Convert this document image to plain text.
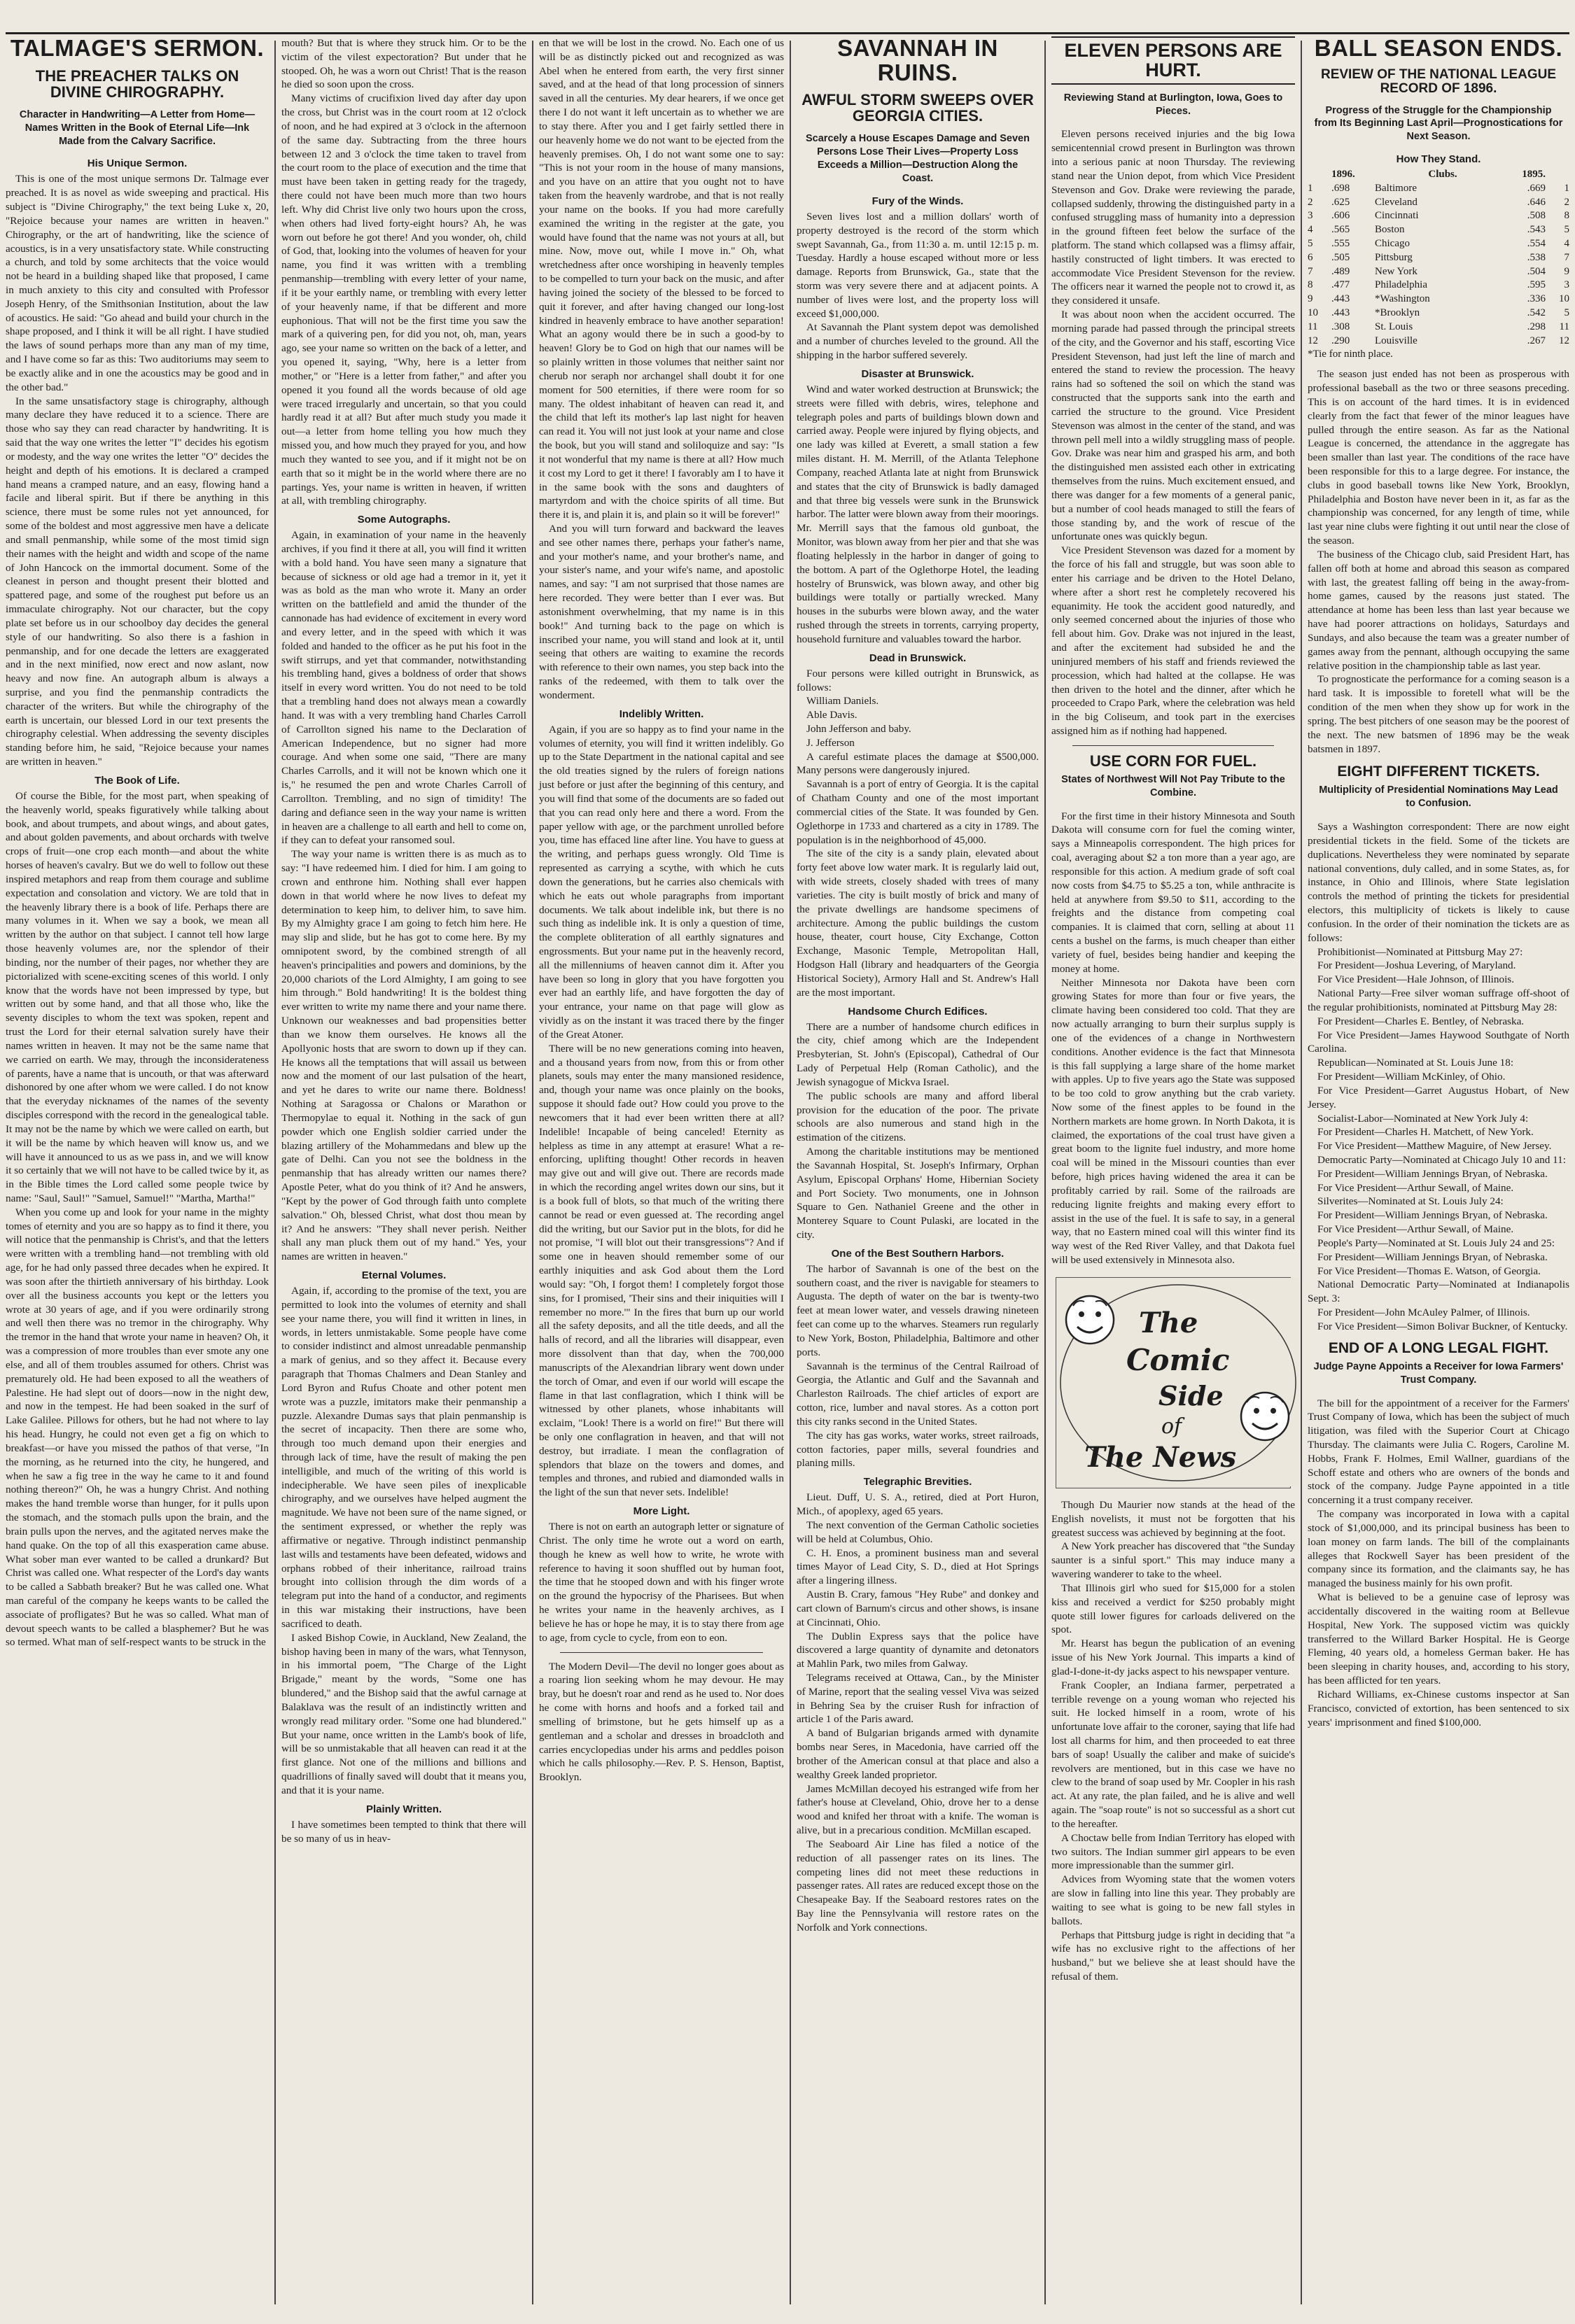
TALMAGE'S SERMON.
THE PREACHER TALKS ON DIVINE CHIROGRAPHY.
Character in Handwriting—A Letter from Home—Names Written in the Book of Eternal Life—Ink Made from the Calvary Sacrifice.
His Unique Sermon.

This is one of the most unique sermons Dr. Talmage ever preached. It is as novel as wide sweeping and practical. His subject is "Divine Chirography," the text being Luke x, 20, "Rejoice because your names are written in heaven." Chirography, or the art of handwriting, like the science of acoustics, is in a very unsatisfactory state. While constructing a church, and told by some architects that the voice would not be heard in a building shaped like that proposed, I came in much anxiety to this city and consulted with Professor Joseph Henry, of the Smithsonian Institution, about the law of acoustics. He said: "Go ahead and build your church in the shape proposed, and I think it will be all right. I have studied the laws of sound perhaps more than any man of my time, and I have come so far as this: Two auditoriums may seem to be exactly alike and in one the acoustics may be good and in the other bad."

In the same unsatisfactory stage is chirography, although many declare they have reduced it to a science. There are those who say they can read character by handwriting. It is said that the way one writes the letter "I" decides his egotism or modesty, and the way one writes the letter "O" decides the height and depth of his emotions. It is declared a cramped hand means a cramped nature, and an easy, flowing hand a facile and liberal spirit. But if there be anything in this science, there must be some rules not yet announced, for some of the boldest and most aggressive men have a delicate and small penmanship, while some of the most timid sign their names with the height and width and scope of the name of John Hancock on the immortal document. Some of the cleanest in person and thought present their blotted and spattered page, and some of the roughest put before us an immaculate chirography. Not our character, but the copy plate set before us in our schoolboy day decides the general style of our handwriting. So also there is a fashion in penmanship, and for one decade the letters are exaggerated and in the next minified, now erect and now aslant, now heavy and now fine. An autograph album is always a surprise, and you find the penmanship contradicts the character of the writers. But while the chirography of the earth is uncertain, our blessed Lord in our text presents the chirography celestial. When addressing the seventy disciples standing before him, he said, "Rejoice because your names are written in heaven."

The Book of Life.

Of course the Bible, for the most part, when speaking of the heavenly world, speaks figuratively while talking about book, and about trumpets, and about wings, and about gates, and about golden pavements, and about orchards with twelve crops of fruit—one crop each month—and about the white horses of heaven's cavalry. But we do well to follow out these inspired metaphors and reap from them courage and sublime expectation and consolation and victory. We are told that in the heavenly library there is a book of life. Perhaps there are many volumes in it. When we say a book, we mean all written by the author on that subject. I cannot tell how large those heavenly volumes are, nor the splendor of their binding, nor the number of their pages, nor whether they are pictorialized with scene-exciting scenes of this world. I only know that the words have not been impressed by type, but written out by some hand, and that all those who, like the seventy disciples to whom the text was spoken, repent and trust the Lord for their eternal salvation surely have their names written in heaven. It may not be the same name that we carried on earth. We may, through the inconsiderateness of parents, have a name that is uncouth, or that was afterward dishonored by one after whom we were called. I do not know that the everyday nicknames of the names of the seventy disciples correspond with the record in the genealogical table. It may not be the name by which we were called on earth, but it will be the name by which heaven will know us, and we will have it announced to us as we pass in, and we will know it so certainly that we will not have to be called twice by it, as in the Bible times the Lord called some people twice by name: "Saul, Saul!" "Samuel, Samuel!" "Martha, Martha!"

When you come up and look for your name in the mighty tomes of eternity and you are so happy as to find it there, you will notice that the penmanship is Christ's, and that the letters were written with a trembling hand—not trembling with old age, for he had only passed three decades when he expired. It was soon after the thirtieth anniversary of his birthday. Look over all the business accounts you kept or the letters you wrote at 30 years of age, and if you were ordinarily strong and well then there was no tremor in the chirography. Why the tremor in the hand that wrote your name in heaven? Oh, it was a compression of more troubles than ever smote any one else, and all of them troubles assumed for others. Christ was prematurely old. He had been exposed to all the weathers of Palestine. He had slept out of doors—now in the night dew, and now in the tempest. He had been soaked in the surf of Lake Galilee. Pillows for others, but he had not where to lay his head. Hungry, he could not even get a fig on which to breakfast—or have you missed the pathos of that verse, "In the morning, as he returned into the city, he hungered, and when he saw a fig tree in the way he came to it and found nothing thereon?" Oh, he was a hungry Christ. And nothing makes the hand tremble worse than hunger, for it pulls upon the stomach, and the stomach pulls upon the brain, and the brain pulls upon the nerves, and the agitated nerves make the hand quake. On the top of all this exasperation came abuse. What sober man ever wanted to be called a drunkard? But Christ was called one. What respecter of the Lord's day wants to be called a Sabbath breaker? But he was called one. What man careful of the company he keeps wants to be called the associate of profligates? But he was so called. What man of devout speech wants to be called a blasphemer? But he was so termed. What man of self-respect wants to be struck in the

mouth? But that is where they struck him. Or to be the victim of the vilest expectoration? But under that he stooped. Oh, he was a worn out Christ! That is the reason he died so soon upon the cross.

Many victims of crucifixion lived day after day upon the cross, but Christ was in the court room at 12 o'clock of noon, and he had expired at 3 o'clock in the afternoon of the same day. Subtracting from the three hours between 12 and 3 o'clock the time taken to travel from the court room to the place of execution and the time that must have been taken in getting ready for the tragedy, there could not have been much more than two hours left. Why did Christ live only two hours upon the cross, when others had lived forty-eight hours? Ah, he was worn out before he got there! And you wonder, oh, child of God, that, looking into the volumes of heaven for your name, you find it was written with a trembling penmanship—trembling with every letter of your name, if it be your earthly name, or trembling with every letter of your heavenly name, if that be different and more euphonious. That will not be the first time you saw the mark of a quivering pen, for did you not, oh, man, years ago, see your name so written on the back of a letter, and you opened it, saying, "Why, here is a letter from mother," or "Here is a letter from father," and after you opened it you found all the words because of old age were traced irregularly and uncertain, so that you could hardly read it at all? But after much study you made it out—a letter from home telling you how much they missed you, and how much they prayed for you, and how much they wanted to see you, and if it might not be on earth that so it might be in the world where there are no partings. Yes, your name is written in heaven, if written at all, with trembling chirography.

Some Autographs.

Again, in examination of your name in the heavenly archives, if you find it there at all, you will find it written with a bold hand. You have seen many a signature that because of sickness or old age had a tremor in it, yet it was as bold as the man who wrote it. Many an order written on the battlefield and amid the thunder of the cannonade has had evidence of excitement in every word and every letter, and in the speed with which it was folded and handed to the officer as he put his foot in the swift stirrups, and yet that commander, notwithstanding his trembling hand, gives a boldness of order that shows itself in every word written. You do not need to be told that a trembling hand does not always mean a cowardly hand. It was with a very trembling hand Charles Carroll of Carrollton signed his name to the Declaration of American Independence, but no signer had more courage. And when some one said, "There are many Charles Carrolls, and it will not be known which one it is," he resumed the pen and wrote Charles Carroll of Carrollton. Trembling, and no sign of timidity! The daring and defiance seen in the way your name is written in heaven are a challenge to all earth and hell to come on, if they can to defeat your ransomed soul.

The way your name is written there is as much as to say: "I have redeemed him. I died for him. I am going to crown and enthrone him. Nothing shall ever happen down in that world where he now lives to defeat my determination to keep him, to deliver him, to save him. By my Almighty grace I am going to fetch him here. He may slip and slide, but he has got to come here. By my omnipotent sword, by the combined strength of all heaven's principalities and powers and dominions, by the 20,000 chariots of the Lord Almighty, I am going to see him through." Bold handwriting! It is the boldest thing ever written to write my name there and your name there. Unknown our weaknesses and bad propensities better than we know them ourselves. He knows all the Apollyonic hosts that are sworn to down up if they can. He knows all the temptations that will assail us between now and the moment of our last pulsation of the heart, and yet he dares to write our name there. Boldness! Nothing at Saragossa or Chalons or Marathon or Thermopylae to equal it. Nothing in the sack of gun powder which one English soldier carried under the blazing artillery of the Mohammedans and blew up the gate of Delhi. Can you not see the boldness in the penmanship that has already written our names there? Apostle Peter, what do you think of it? And he answers, "Kept by the power of God through faith unto complete salvation." Oh, blessed Christ, what dost thou mean by it? And he answers: "They shall never perish. Neither shall any man pluck them out of my hand." Yes, your names are written in heaven."

Eternal Volumes.

Again, if, according to the promise of the text, you are permitted to look into the volumes of eternity and shall see your name there, you will find it written in lines, in words, in letters unmistakable. Some people have come to consider indistinct and almost unreadable penmanship a mark of genius, and so they affect it. Because every paragraph that Thomas Chalmers and Dean Stanley and Lord Byron and Rufus Choate and other potent men wrote was a puzzle, imitators make their penmanship a puzzle. Alexandre Dumas says that plain penmanship is the secret of incapacity. Then there are some who, through too much demand upon their energies and through lack of time, have the result of making the pen intelligible, and much of the writing of this world is indecipherable. We have seen piles of inexplicable chirography, and we ourselves have helped augment the magnitude. We have not been sure of the name signed, or the sentiment expressed, or whether the reply was affirmative or negative. Through indistinct penmanship last wills and testaments have been defeated, widows and orphans robbed of their inheritance, railroad trains brought into collision through the dim words of a telegram put into the hand of a conductor, and regiments in this war mistaking their instructions, have been sacrificed to death.

I asked Bishop Cowie, in Auckland, New Zealand, the bishop having been in many of the wars, what Tennyson, in his immortal poem, "The Charge of the Light Brigade," meant by the words, "Some one has blundered," and the Bishop said that the awful carnage at Balaklava was the result of an indistinctly written and wrongly read military order. "Some one had blundered." But your name, once written in the Lamb's book of life, will be so unmistakable that all heaven can read it at the first glance. Not one of the millions and billions and quadrillions of finally saved will doubt that it means you, and that it is your name.

Plainly Written.

I have sometimes been tempted to think that there will be so many of us in heav-

en that we will be lost in the crowd. No. Each one of us will be as distinctly picked out and recognized as was Abel when he entered from earth, the very first sinner saved, and at the head of that long procession of sinners saved in all the centuries. My dear hearers, if we once get there I do not want it left uncertain as to whether we are to stay there. After you and I get fairly settled there in our heavenly home we do not want to be ejected from the heavenly premises. Oh, I do not want some one to say: "This is not your room in the house of many mansions, and you have on an attire that you ought not to have taken from the heavenly wardrobe, and that is not really your name on the books. If you had more carefully examined the writing in the register at the gate, you would have found that the name was not yours at all, but mine. Now, move out, while I move in." Oh, what wretchedness after once worshiping in heavenly temples to be compelled to turn your back on the music, and after having joined the society of the blessed to be forced to quit it forever, and after having changed our long-lost kindred in heavenly embrace to have another separation! What an agony would there be in such a good-by to heaven! Glory be to God on high that our names will be so plainly written in those volumes that neither saint nor cherub nor seraph nor archangel shall doubt it for one moment for 500 eternities, if there were room for so many. The oldest inhabitant of heaven can read it, and the child that left its mother's lap last night for heaven can read it. You will not just look at your name and close the book, but you will stand and soliloquize and say: "Is it not wonderful that my name is there at all? How much it cost my Lord to get it there! I favorably am I to have it in the same book with the sons and daughters of martyrdom and with the choice spirits of all time. But there it is, and plain it is, and plain so it will be forever!"

And you will turn forward and backward the leaves and see other names there, perhaps your father's name, and your mother's name, and your brother's name, and your sister's name, and your wife's name, and apostolic names, and say: "I am not surprised that those names are here recorded. They were better than I ever was. But astonishment overwhelming, that my name is in this book!" And turning back to the page on which is inscribed your name, you will stand and look at it, until seeing that others are waiting to examine the records with reference to their own names, you step back into the ranks of the redeemed, with them to talk over the wonderment.

Indelibly Written.

Again, if you are so happy as to find your name in the volumes of eternity, you will find it written indelibly. Go up to the State Department in the national capital and see the old treaties signed by the rulers of foreign nations just before or just after the beginning of this century, and you will find that some of the documents are so faded out that you can read only here and there a word. From the paper yellow with age, or the parchment unrolled before you, time has effaced line after line. You have to guess at the writing, and perhaps guess wrongly. Old Time is represented as carrying a scythe, with which he cuts down the generations, but he carries also chemicals with which he eats out whole paragraphs from important documents. We talk about indelible ink, but there is no such thing as indelible ink. It is only a question of time, the complete obliteration of all earthly signatures and engrossments. But your name put in the heavenly record, all the millenniums of heaven cannot dim it. After you have been so long in glory that you have forgotten you ever had an earthly life, and have forgotten the day of your entrance, your name on that page will glow as vividly as on the instant it was traced there by the finger of the Great Atoner.

There will be no new generations coming into heaven, and a thousand years from now, from this or from other planets, souls may enter the many mansioned residence, and, though your name was once plainly on the books, suppose it should fade out? How could you prove to the newcomers that it had ever been written there at all? Indelible! Incapable of being canceled! Eternity as helpless as time in any attempt at erasure! What a re-enforcing, uplifting thought! Other records in heaven may give out and will give out. There are records made in which the recording angel writes down our sins, but it is a book full of blots, so that much of the writing there cannot be read or even guessed at. The recording angel did the writing, but our Savior put in the blots, for did he not promise, "I will blot out their transgressions"? And if some one in heaven should remember some of our earthly iniquities and ask God about them the Lord would say: "Oh, I forgot them! I completely forgot those sins, for I promised, 'Their sins and their iniquities will I remember no more.'" In the fires that burn up our world all the safety deposits, and all the title deeds, and all the halls of record, and all the libraries will disappear, even more dissolvent than that day, when the 700,000 manuscripts of the Alexandrian library went down under the torch of Omar, and even if our world will escape the flame in that last conflagration, which I think will be witnessed by other planets, whose inhabitants will exclaim, "Look! There is a world on fire!" But there will be only one conflagration in heaven, and that will not destroy, but irradiate. I mean the conflagration of splendors that blaze on the towers and domes, and temples and thrones, and rubied and diamonded walls in the light of the sun that never sets. Indelible!

More Light.

There is not on earth an autograph letter or signature of Christ. The only time he wrote out a word on earth, though he knew as well how to write, he wrote with reference to having it soon shuffled out by human foot, the time that he stooped down and with his finger wrote on the ground the hypocrisy of the Pharisees. But when he writes your name in the heavenly archives, as I believe he has or hope he may, it is to stay there from age to age, from cycle to cycle, from eon to eon.

The Modern Devil—The devil no longer goes about as a roaring lion seeking whom he may devour. He may bray, but he doesn't roar and rend as he used to. Nor does he come with horns and hoofs and a forked tail and smelling of brimstone, but he gets himself up as a gentleman and a scholar and dresses in broadcloth and carries encyclopedias under his arms and peddles poison which he calls philosophy.—Rev. P. S. Henson, Baptist, Brooklyn.

SAVANNAH IN RUINS.
AWFUL STORM SWEEPS OVER GEORGIA CITIES.
Scarcely a House Escapes Damage and Seven Persons Lose Their Lives—Property Loss Exceeds a Million—Destruction Along the Coast.
Fury of the Winds.

Seven lives lost and a million dollars' worth of property destroyed is the record of the storm which swept Savannah, Ga., from 11:30 a. m. until 12:15 p. m. Tuesday. Hardly a house escaped without more or less damage. Reports from Brunswick, Ga., state that the storm was very severe there and at adjacent points. A number of lives were lost, and the property loss will exceed $1,000,000.

At Savannah the Plant system depot was demolished and a number of churches leveled to the ground. All the shipping in the harbor suffered severely.

Disaster at Brunswick.

Wind and water worked destruction at Brunswick; the streets were filled with debris, wires, telephone and telegraph poles and parts of buildings blown down and carried away. People were injured by flying objects, and one lady was killed at Everett, a small station a few miles distant. H. M. Merrill, of the Atlanta Telephone Company, reached Atlanta late at night from Brunswick and states that the city of Brunswick is badly damaged and that three big vessels were sunk in the Brunswick harbor. The latter were blown away from their moorings. Mr. Merrill says that the famous old gunboat, the Monitor, was blown away from her pier and that she was floating helplessly in the harbor in danger of going to the bottom. A part of the Oglethorpe Hotel, the leading hostelry of Brunswick, was blown away, and other big buildings were totally or partially wrecked. Many houses in the suburbs were blown away, and the water rushed through the streets in torrents, carrying property, household furniture and valuables toward the harbor.

Dead in Brunswick.

Four persons were killed outright in Brunswick, as follows:

William Daniels.

Able Davis.

John Jefferson and baby.

J. Jefferson

A careful estimate places the damage at $500,000. Many persons were dangerously injured.

Savannah is a port of entry of Georgia. It is the capital of Chatham County and one of the most important commercial cities of the State. It was founded by Gen. Oglethorpe in 1733 and chartered as a city in 1789. The population is in the neighborhood of 45,000.

The site of the city is a sandy plain, elevated about forty feet above low water mark. It is regularly laid out, with wide streets, closely shaded with trees of many varieties. The city is built mostly of brick and many of the private dwellings are handsome specimens of architecture. Among the public buildings the custom house, theater, court house, City Exchange, Cotton Exchange, Masonic Temple, Metropolitan Hall, Hodgson Hall (library and headquarters of the Georgia Historical Society), Armory Hall and St. Andrew's Hall are the most important.

Handsome Church Edifices.

There are a number of handsome church edifices in the city, chief among which are the Independent Presbyterian, St. John's (Episcopal), Cathedral of Our Lady of Perpetual Help (Roman Catholic), and the Jewish synagogue of Mickva Israel.

The public schools are many and afford liberal provision for the education of the poor. The private schools are also numerous and stand high in the estimation of the citizens.

Among the charitable institutions may be mentioned the Savannah Hospital, St. Joseph's Infirmary, Orphan Asylum, Episcopal Orphans' Home, Hibernian Society and Port Society. Two monuments, one in Johnson Square to Gen. Nathaniel Greene and the other in Monterey Square to Count Pulaski, are located in the city.

One of the Best Southern Harbors.

The harbor of Savannah is one of the best on the southern coast, and the river is navigable for steamers to Augusta. The depth of water on the bar is twenty-two feet at mean lower water, and vessels drawing nineteen feet can come up to the wharves. Steamers run regularly to New York, Boston, Philadelphia, Baltimore and other ports.

Savannah is the terminus of the Central Railroad of Georgia, the Atlantic and Gulf and the Savannah and Charleston Railroads. The chief articles of export are cotton, rice, lumber and naval stores. As a cotton port this city ranks second in the United States.

The city has gas works, water works, street railroads, cotton factories, paper mills, several foundries and planing mills.

Telegraphic Brevities.

Lieut. Duff, U. S. A., retired, died at Port Huron, Mich., of apoplexy, aged 65 years.

The next convention of the German Catholic societies will be held at Columbus, Ohio.

C. H. Enos, a prominent business man and several times Mayor of Lead City, S. D., died at Hot Springs after a lingering illness.

Austin B. Crary, famous "Hey Rube" and donkey and cart clown of Barnum's circus and other shows, is insane at Cincinnati, Ohio.

The Dublin Express says that the police have discovered a large quantity of dynamite and detonators at Mahlin Park, two miles from Galway.

Telegrams received at Ottawa, Can., by the Minister of Marine, report that the sealing vessel Viva was seized in Behring Sea by the cruiser Rush for infraction of article 1 of the Paris award.

A band of Bulgarian brigands armed with dynamite bombs near Seres, in Macedonia, have carried off the brother of the American consul at that place and also a wealthy Greek landed proprietor.

James McMillan decoyed his estranged wife from her father's house at Cleveland, Ohio, drove her to a dense wood and knifed her throat with a knife. The woman is alive, but in a precarious condition. McMillan escaped.

The Seaboard Air Line has filed a notice of the reduction of all passenger rates on its lines. The competing lines did not meet these reductions in passenger rates. All rates are reduced except those on the Chesapeake Bay. If the Seaboard restores rates on the Bay line the Pennsylvania will restore rates on the Norfolk and York connections.

ELEVEN PERSONS ARE HURT.
Reviewing Stand at Burlington, Iowa, Goes to Pieces.

Eleven persons received injuries and the big Iowa semicentennial crowd present in Burlington was thrown into a serious panic at noon Thursday. The reviewing stand near the Union depot, from which Vice President Stevenson and Gov. Drake were reviewing the parade, collapsed suddenly, throwing the distinguished party in a confused struggling mass of humanity into a depression in the ground fifteen feet below the surface of the platform. The stand which collapsed was a flimsy affair, hastily constructed of light timbers. It was erected to accommodate Vice President Stevenson for the review. The officers near it warned the people not to crowd it, as they considered it unsafe.

It was about noon when the accident occurred. The morning parade had passed through the principal streets of the city, and the Governor and his staff, escorting Vice President Stevenson, had just left the line of march and entered the stand to review the procession. The heavy rains had so softened the soil on which the stand was constructed that the supports sank into the earth and carried the structure to the ground. Vice President Stevenson was almost in the center of the stand, and was thrown pell mell into a wildly struggling mass of people. Gov. Drake was near him and grasped his arm, and both the distinguished men assisted each other in extricating themselves from the ruins. Much excitement ensued, and there was danger for a few moments of a general panic, but a number of cool heads managed to still the fears of those standing by, and the work of rescue of the unfortunate ones was quickly begun.

Vice President Stevenson was dazed for a moment by the force of his fall and struggle, but was soon able to enter his carriage and be driven to the Hotel Delano, where after a short rest he completely recovered his equanimity. He took the accident good naturedly, and only seemed concerned about the injuries of those who fell about him. Gov. Drake was not injured in the least, and after the excitement had subsided he and the uninjured members of his staff and friends reviewed the procession, which had halted at the collapse. He was then driven to the hotel and the dinner, after which he proceeded to Crapo Park, where the celebration was held in the big Coliseum, and took part in the exercises assigned him as if nothing had happened.

USE CORN FOR FUEL.
States of Northwest Will Not Pay Tribute to the Combine.

For the first time in their history Minnesota and South Dakota will consume corn for fuel the coming winter, says a Minneapolis correspondent. The high prices for coal, averaging about $2 a ton more than a year ago, are responsible for this action. A medium grade of soft coal now costs from $4.75 to $5.25 a ton, while anthracite is held at anywhere from $9.50 to $11, according to the freights and the distance from competing coal companies. It is claimed that corn, selling at about 11 cents a bushel on the farms, is much cheaper than either variety of fuel, besides being handier and keeping the money at home.

Neither Minnesota nor Dakota have been corn growing States for more than four or five years, the climate having been considered too cold. That they are now actually arranging to burn their surplus supply is one of the evidences of a change in Northwestern conditions. Another evidence is the fact that Minnesota is this fall supplying a large share of the home market with apples. Up to five years ago the State was supposed to be too cold to grow anything but the crab variety. Now some of the finest apples to be found in the Northern markets are home grown. In North Dakota, it is claimed, the exportations of the coal trust have given a great boom to the lignite fuel industry, and more home coal will be mined in the Missouri counties than ever before, high prices having widened the area it can be profitably carried by rail. Some of the railroads are reducing lignite freights and making every effort to assist in the use of the fuel. It is safe to say, in a general way, that no Eastern mined coal will this winter find its way west of the Red River Valley, and that Dakota fuel will be used extensively in Minnesota also.

The
Comic
Side
of
The News

Though Du Maurier now stands at the head of the English novelists, it must not be forgotten that his greatest success was achieved by beginning at the foot.

A New York preacher has discovered that "the Sunday saunter is a sinful sport." This may induce many a wavering wanderer to take to the wheel.

That Illinois girl who sued for $15,000 for a stolen kiss and received a verdict for $250 probably might quote still lower figures for carloads delivered on the spot.

Mr. Hearst has begun the publication of an evening issue of his New York Journal. This imparts a kind of glad-I-done-it-dy jacks aspect to his newspaper venture.

Frank Coopler, an Indiana farmer, perpetrated a terrible revenge on a young woman who rejected his suit. He locked himself in a room, wrote of his unfortunate love affair to the coroner, saying that life had lost all charms for him, and then proceeded to eat three bars of soap! Usually the caliber and make of suicide's revolvers are mentioned, but in this case we have no clew to the brand of soap used by Mr. Coopler in his rash act. At any rate, the plan failed, and he is alive and well again. The "soap route" is not so successful as a short cut to the hereafter.

A Choctaw belle from Indian Territory has eloped with two suitors. The Indian summer girl appears to be even more impressionable than the summer girl.

Advices from Wyoming state that the women voters are slow in falling into line this year. They probably are waiting to see what is going to be new fall styles in ballots.

Perhaps that Pittsburg judge is right in deciding that "a wife has no exclusive right to the affections of her husband," but we believe she at least should have the refusal of them.

BALL SEASON ENDS.
REVIEW OF THE NATIONAL LEAGUE RECORD OF 1896.
Progress of the Struggle for the Championship from Its Beginning Last April—Prognostications for Next Season.
How They Stand.
1896.	Clubs.	1895.
1	.698	Baltimore	.669	1
2	.625	Cleveland	.646	2
3	.606	Cincinnati	.508	8
4	.565	Boston	.543	5
5	.555	Chicago	.554	4
6	.505	Pittsburg	.538	7
7	.489	New York	.504	9
8	.477	Philadelphia	.595	3
9	.443	*Washington	.336	10
10	.443	*Brooklyn	.542	5
11	.308	St. Louis	.298	11
12	.290	Louisville	.267	12
*Tie for ninth place.

The season just ended has not been as prosperous with professional baseball as the two or three seasons preceding. This is on account of the hard times. It is in evidenced clearly from the fact that fewer of the minor leagues have pulled through the entire season. As far as the National League is concerned, the attendance in the aggregate has been smaller than last year. The conditions of the race have been responsible for this to a large degree. For instance, the clubs in good baseball towns like New York, Brooklyn, Philadelphia and Boston have never been in it, as far as the championship was concerned, for any length of time, while last year nine clubs were fighting it out until near the close of the season.

The business of the Chicago club, said President Hart, has fallen off both at home and abroad this season as compared with last, the greatest falling off being in the away-from-home games, caused by the reasons just stated. The attendance at home has been less than last year because we have had poorer attractions on holidays, Saturdays and Sundays, and also because the team was a greater number of games away from the pennant, although occupying the same relative position in the championship table as last year.

To prognosticate the performance for a coming season is a hard task. It is impossible to foretell what will be the condition of the men when they show up for work in the spring. The best pitchers of one season may be the poorest of the next. The new batsmen of 1896 may be the weak batsmen in 1897.

EIGHT DIFFERENT TICKETS.
Multiplicity of Presidential Nominations May Lead to Confusion.

Says a Washington correspondent: There are now eight presidential tickets in the field. Some of the tickets are duplications. Nevertheless they were nominated by separate national conventions, duly called, and in some States, as, for instance, in Ohio and Illinois, where State legislation controls the method of printing the tickets for presidential electors, this multiplicity of tickets is likely to cause confusion. In the order of their nomination the tickets are as follows:

Prohibitionist—Nominated at Pittsburg May 27:

For President—Joshua Levering, of Maryland.

For Vice President—Hale Johnson, of Illinois.

National Party—Free silver woman suffrage off-shoot of the regular prohibitionists, nominated at Pittsburg May 28:

For President—Charles E. Bentley, of Nebraska.

For Vice President—James Haywood Southgate of North Carolina.

Republican—Nominated at St. Louis June 18:

For President—William McKinley, of Ohio.

For Vice President—Garret Augustus Hobart, of New Jersey.

Socialist-Labor—Nominated at New York July 4:

For President—Charles H. Matchett, of New York.

For Vice President—Matthew Maguire, of New Jersey.

Democratic Party—Nominated at Chicago July 10 and 11:

For President—William Jennings Bryan, of Nebraska.

For Vice President—Arthur Sewall, of Maine.

Silverites—Nominated at St. Louis July 24:

For President—William Jennings Bryan, of Nebraska.

For Vice President—Arthur Sewall, of Maine.

People's Party—Nominated at St. Louis July 24 and 25:

For President—William Jennings Bryan, of Nebraska.

For Vice President—Thomas E. Watson, of Georgia.

National Democratic Party—Nominated at Indianapolis Sept. 3:

For President—John McAuley Palmer, of Illinois.

For Vice President—Simon Bolivar Buckner, of Kentucky.

END OF A LONG LEGAL FIGHT.
Judge Payne Appoints a Receiver for Iowa Farmers' Trust Company.

The bill for the appointment of a receiver for the Farmers' Trust Company of Iowa, which has been the subject of much litigation, was filed with the Superior Court at Chicago Thursday. The claimants were Julia C. Rogers, Caroline M. Hobbs, Frank F. Holmes, Emil Wallner, guardians of the Schoff estate and others who are owners of the bonds and stock of the company. Judge Payne appointed in a title concerning it a trust company receiver.

The company was incorporated in Iowa with a capital stock of $1,000,000, and its principal business has been to loan money on farm lands. The bill of the complainants alleges that Rockwell Sayer has been president of the company since its formation, and the claimants say, he has managed the business mainly for his own profit.

What is believed to be a genuine case of leprosy was accidentally discovered in the waiting room at Bellevue Hospital, New York. The supposed victim was quickly transferred to the Willard Barker Hospital. He is George Fleming, 40 years old, a homeless German baker. He has been sleeping in charity houses, and, according to his story, has been afflicted for ten years.

Richard Williams, ex-Chinese customs inspector at San Francisco, convicted of extortion, has been sentenced to six years' imprisonment and fined $100,000.
